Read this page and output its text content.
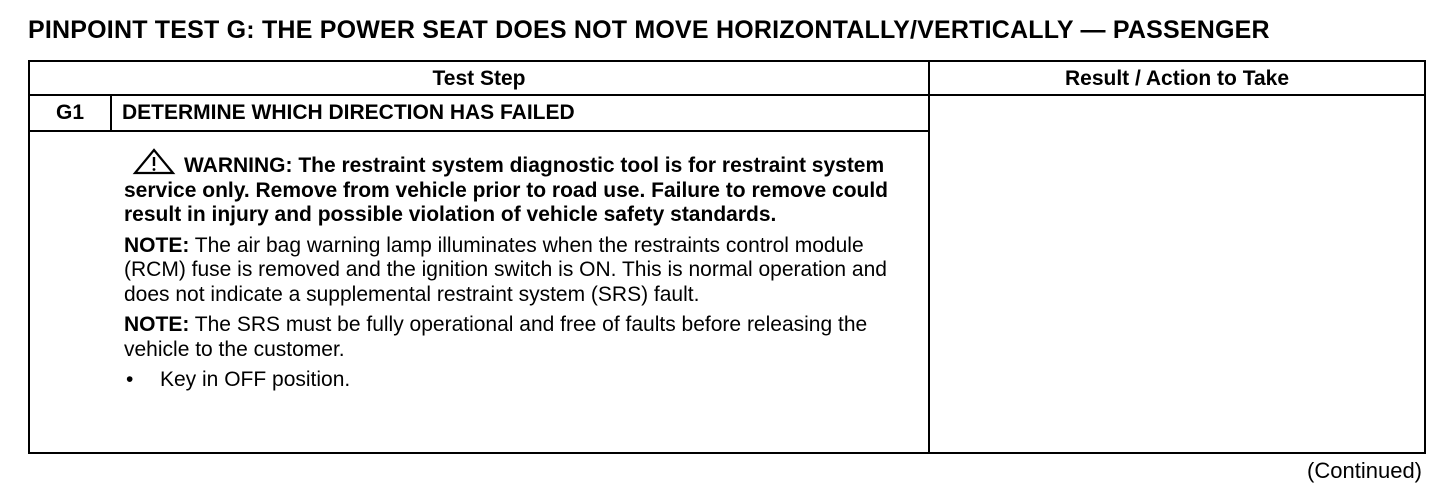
PINPOINT TEST G: THE POWER SEAT DOES NOT MOVE HORIZONTALLY/VERTICALLY — PASSENGER
Test Step	Result / Action to Take
G1	DETERMINE WHICH DIRECTION HAS FAILED
WARNING: The restraint system diagnostic tool is for restraint system service only. Remove from vehicle prior to road use. Failure to remove could result in injury and possible violation of vehicle safety standards.
NOTE: The air bag warning lamp illuminates when the restraints control module (RCM) fuse is removed and the ignition switch is ON. This is normal operation and does not indicate a supplemental restraint system (SRS) fault.
NOTE: The SRS must be fully operational and free of faults before releasing the vehicle to the customer.
• Key in OFF position.
(Continued)
